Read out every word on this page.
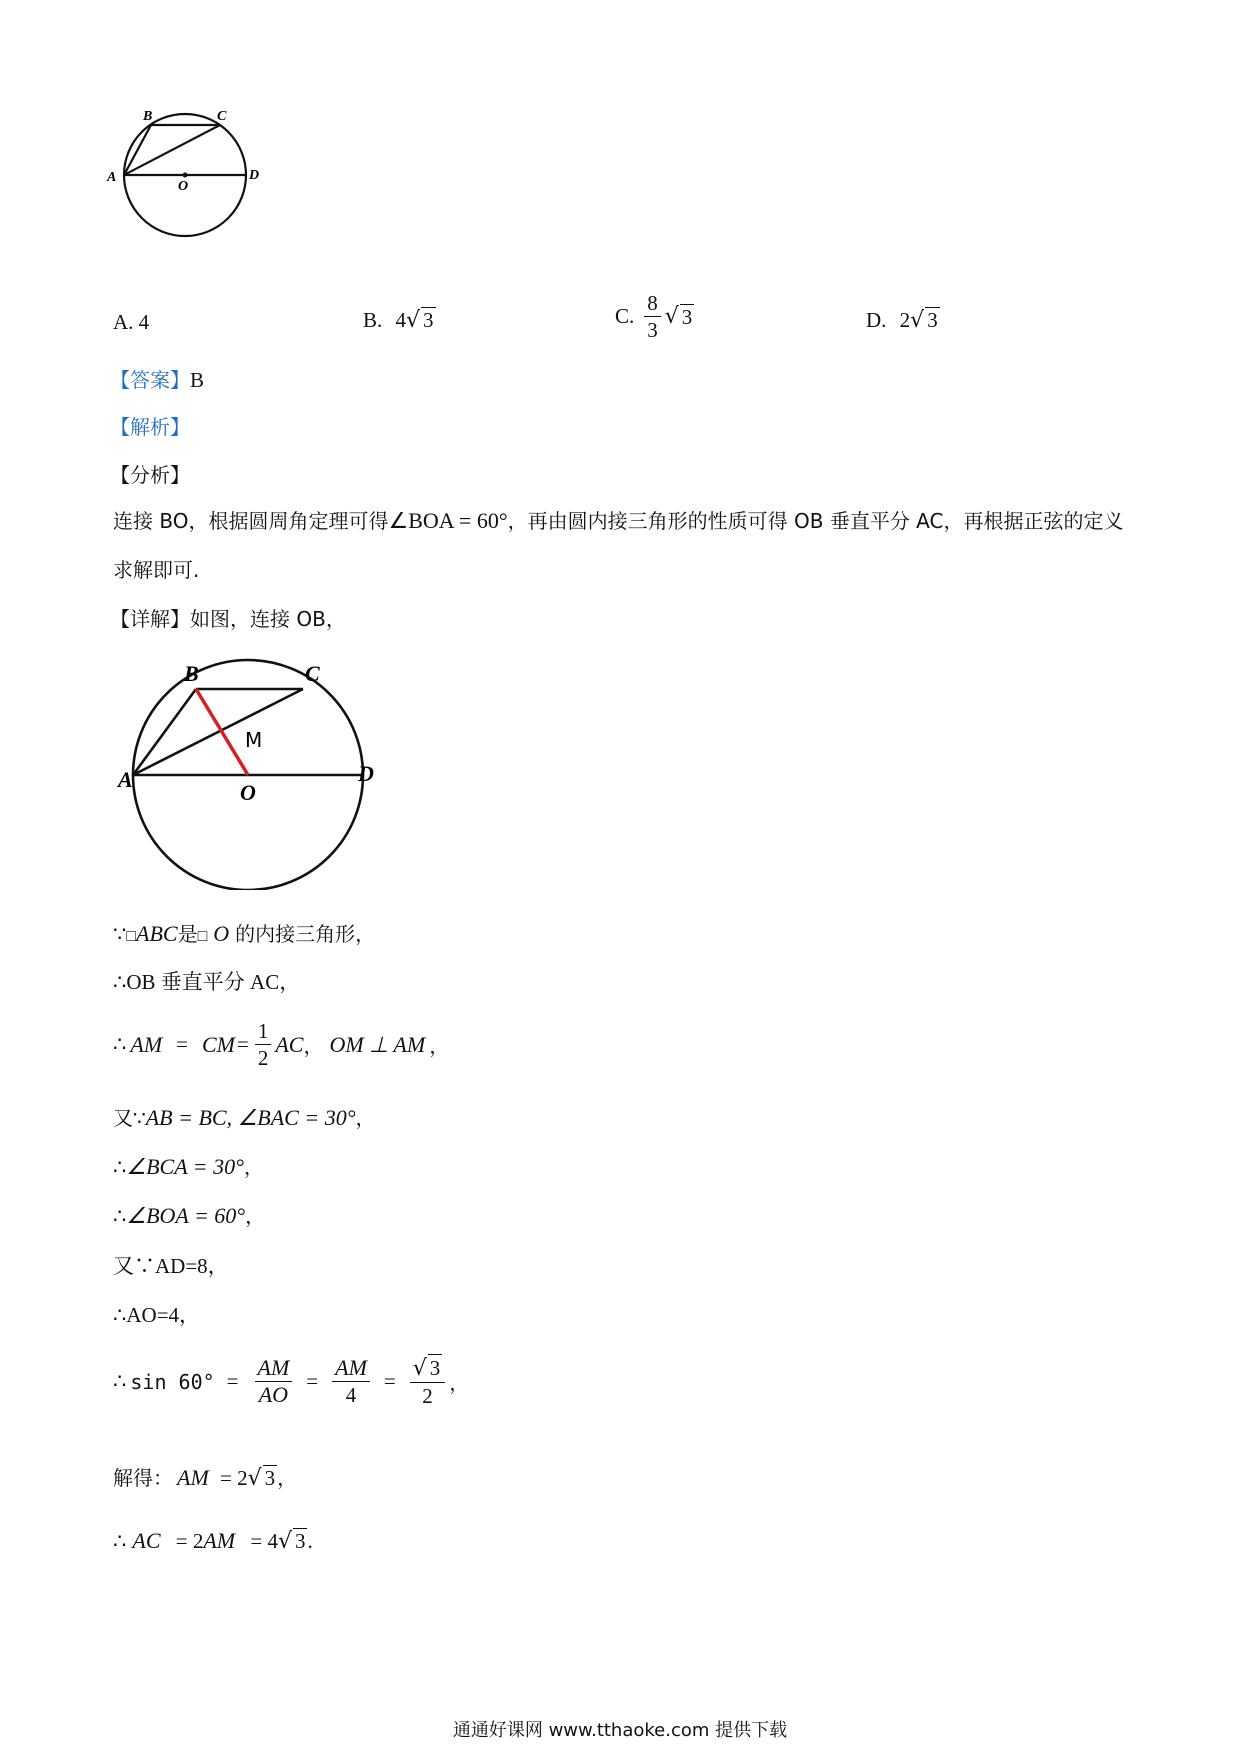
A
B	C
D
O
A. 4	B. 4√ 3	C. $\frac{8}{3}$ √ 3	D. 2√ 3
【答案】B
【解析】
【分析】
连接 BO，根据圆周角定理可得∠BOA = 60°，再由圆内接三角形的性质可得 OB 垂直平分 AC，再根据正弦的定义求解即可.
【详解】如图，连接 OB，
A
B	C
D
O
M
∵□ABC是□ O 的内接三角形，
∴OB 垂直平分 AC，
∴ AM = CM = $\frac{1}{2}$ AC ， OM ⊥ AM ，
又∵AB = BC, ∠BAC = 30°，
∴∠BCA = 30°，
∴∠BOA = 60°，
又∵AD=8，
∴AO=4，
∴ $\sin 60^\circ = \frac{AM}{AO} = \frac{AM}{4} = \frac{√ 3}{2}$ ，
解得： AM = 2√ 3 ，
∴ AC = 2AM = 4√ 3.
通通好课网 www.tthaoke.com 提供下载
